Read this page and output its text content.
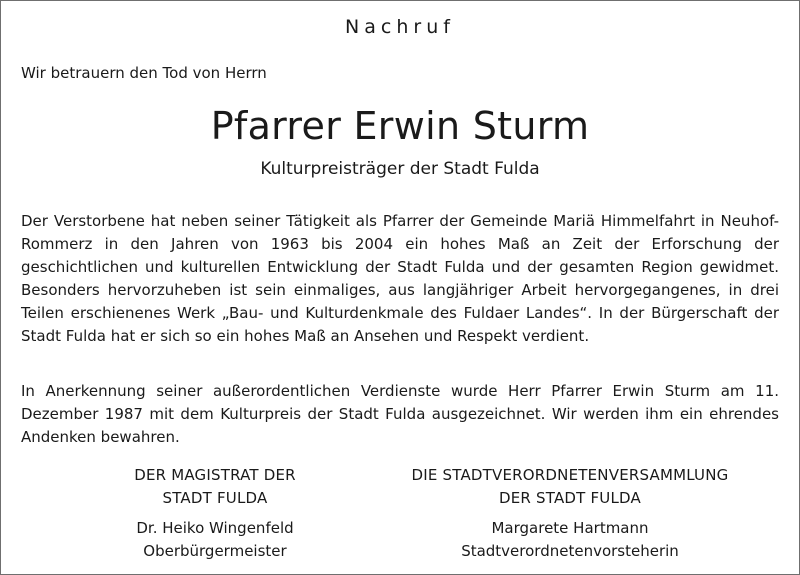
Nachruf
Wir betrauern den Tod von Herrn
Pfarrer Erwin Sturm
Kulturpreisträger der Stadt Fulda
Der Verstorbene hat neben seiner Tätigkeit als Pfarrer der Gemeinde Mariä Himmelfahrt in Neuhof-Rommerz in den Jahren von 1963 bis 2004 ein hohes Maß an Zeit der Erforschung der geschichtlichen und kulturellen Entwicklung der Stadt Fulda und der gesamten Region gewidmet. Besonders hervorzuheben ist sein einmaliges, aus langjähriger Arbeit hervorgegangenes, in drei Teilen erschienenes Werk „Bau- und Kulturdenkmale des Fuldaer Landes“. In der Bürgerschaft der Stadt Fulda hat er sich so ein hohes Maß an Ansehen und Respekt verdient.
In Anerkennung seiner außerordentlichen Verdienste wurde Herr Pfarrer Erwin Sturm am 11. Dezember 1987 mit dem Kulturpreis der Stadt Fulda ausgezeichnet. Wir werden ihm ein ehrendes Andenken bewahren.
DER MAGISTRAT DER
STADT FULDA
Dr. Heiko Wingenfeld
Oberbürgermeister
DIE STADTVERORDNETENVERSAMMLUNG
DER STADT FULDA
Margarete Hartmann
Stadtverordnetenvorsteherin
